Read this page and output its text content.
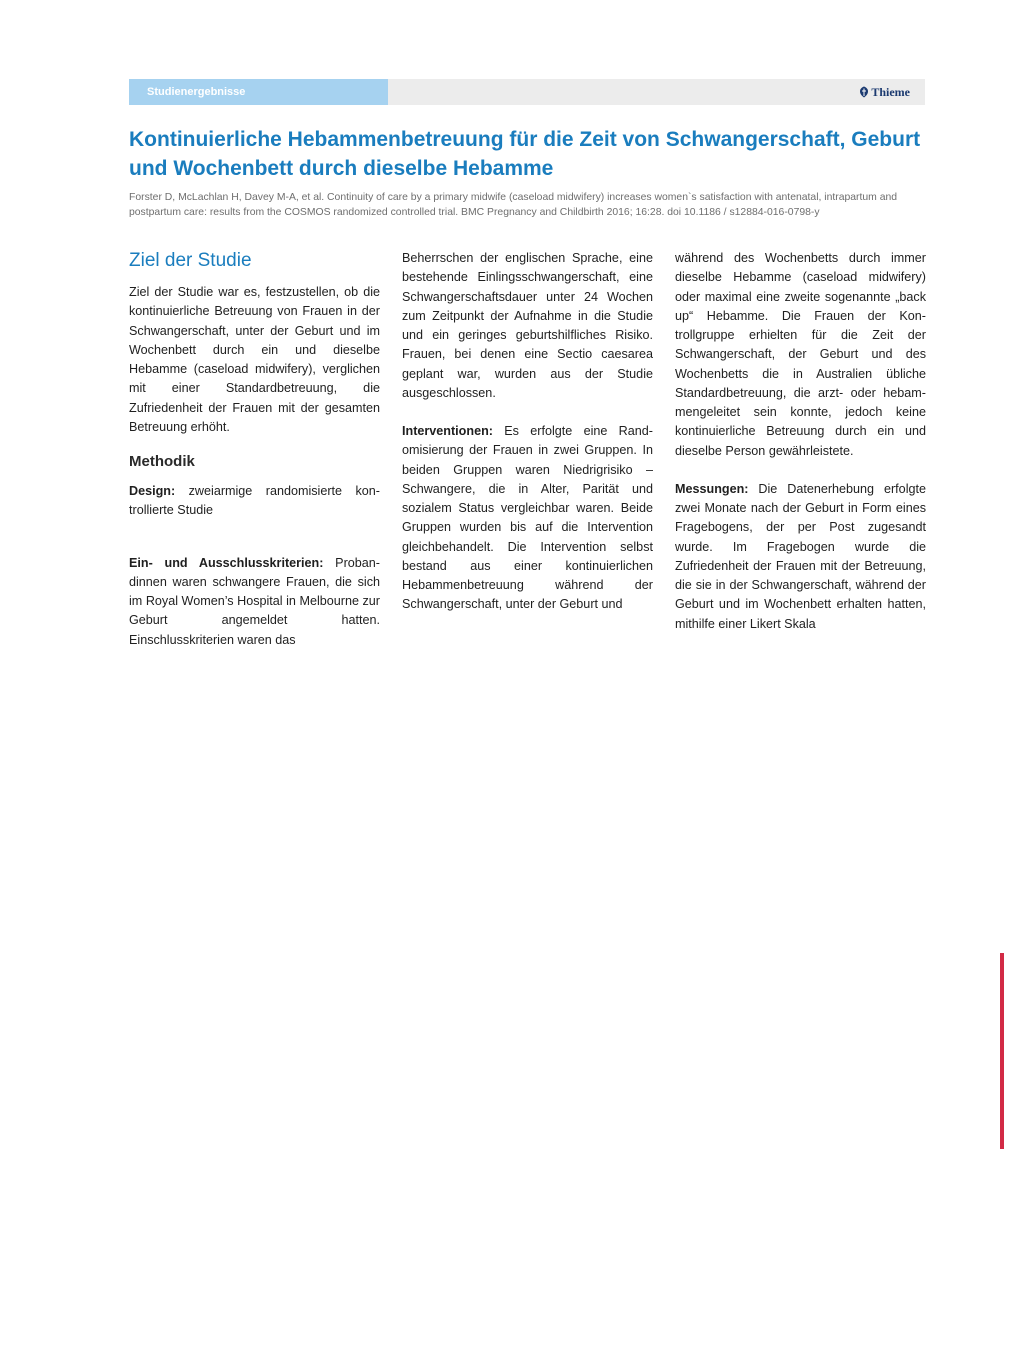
Studienergebnisse	Thieme
Kontinuierliche Hebammenbetreuung für die Zeit von Schwangerschaft, Geburt und Wochenbett durch dieselbe Hebamme

Forster D, McLachlan H, Davey M-A, et al. Continuity of care by a primary midwife (caseload midwifery) increases women`s satisfaction with antenatal, intrapartum and postpartum care: results from the COSMOS randomized controlled trial. BMC Pregnancy and Childbirth 2016; 16:28. doi 10.1186 / s12884-016-0798-y

Ziel der Studie

Ziel der Studie war es, festzustellen, ob die kontinuierliche Betreuung von Frauen in der Schwangerschaft, unter der Geburt und im Wochenbett durch ein und dieselbe Hebamme (caseload midwifery), verglichen mit einer Standardbetreuung, die Zufriedenheit der Frauen mit der gesamten Betreuung erhöht.

Methodik

Design: zweiarmige randomisierte kontrollierte Studie

Ein- und Ausschlusskriterien: Probandinnen waren schwangere Frauen, die sich im Royal Women’s Hospital in Melbourne zur Geburt angemeldet hatten. Einschlusskriterien waren das

Beherrschen der englischen Sprache, eine bestehende Einlingsschwangerschaft, eine Schwangerschaftsdauer unter 24 Wochen zum Zeitpunkt der Aufnahme in die Studie und ein geringes geburtshilfliches Risiko. Frauen, bei denen eine Sectio caesarea geplant war, wurden aus der Studie ausgeschlossen.

Interventionen: Es erfolgte eine Randomisierung der Frauen in zwei Gruppen. In beiden Gruppen waren Niedrigrisiko – Schwangere, die in Alter, Parität und sozialem Status vergleichbar waren. Beide Gruppen wurden bis auf die Intervention gleichbehandelt. Die Intervention selbst bestand aus einer kontinuierlichen Hebammenbetreuung während der Schwangerschaft, unter der Geburt und

während des Wochenbetts durch immer dieselbe Hebamme (caseload midwifery) oder maximal eine zweite sogenannte „back up“ Hebamme. Die Frauen der Kontrollgruppe erhielten für die Zeit der Schwangerschaft, der Geburt und des Wochenbetts die in Australien übliche Standardbetreuung, die arzt- oder hebammengeleitet sein konnte, jedoch keine kontinuierliche Betreuung durch ein und dieselbe Person gewährleistete.

Messungen: Die Datenerhebung erfolgte zwei Monate nach der Geburt in Form eines Fragebogens, der per Post zugesandt wurde. Im Fragebogen wurde die Zufriedenheit der Frauen mit der Betreuung, die sie in der Schwangerschaft, während der Geburt und im Wochenbett erhalten hatten, mithilfe einer Likert Skala
